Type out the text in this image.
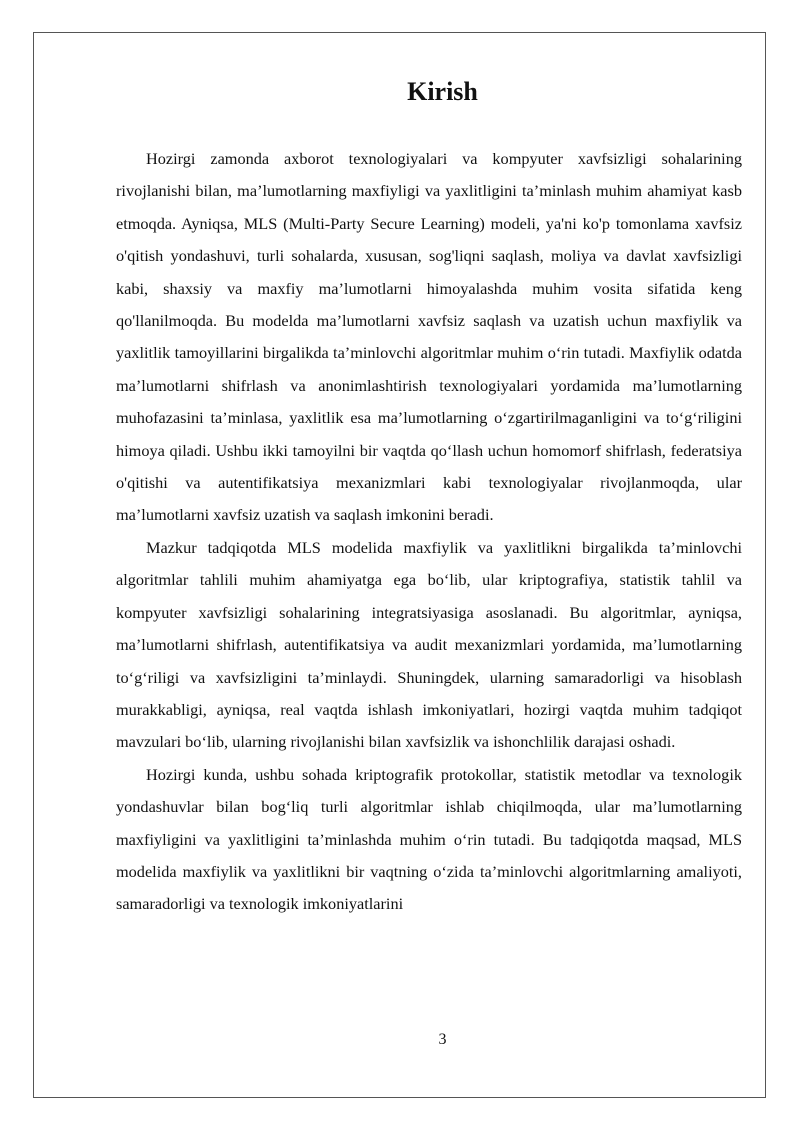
Kirish

Hozirgi zamonda axborot texnologiyalari va kompyuter xavfsizligi sohalarining rivojlanishi bilan, ma’lumotlarning maxfiyligi va yaxlitligini ta’minlash muhim ahamiyat kasb etmoqda. Ayniqsa, MLS (Multi-Party Secure Learning) modeli, ya'ni ko'p tomonlama xavfsiz o'qitish yondashuvi, turli sohalarda, xususan, sog'liqni saqlash, moliya va davlat xavfsizligi kabi, shaxsiy va maxfiy ma’lumotlarni himoyalashda muhim vosita sifatida keng qo'llanilmoqda. Bu modelda ma’lumotlarni xavfsiz saqlash va uzatish uchun maxfiylik va yaxlitlik tamoyillarini birgalikda ta’minlovchi algoritmlar muhim o‘rin tutadi. Maxfiylik odatda ma’lumotlarni shifrlash va anonimlashtirish texnologiyalari yordamida ma’lumotlarning muhofazasini ta’minlasa, yaxlitlik esa ma’lumotlarning o‘zgartirilmaganligini va to‘g‘riligini himoya qiladi. Ushbu ikki tamoyilni bir vaqtda qo‘llash uchun homomorf shifrlash, federatsiya o'qitishi va autentifikatsiya mexanizmlari kabi texnologiyalar rivojlanmoqda, ular ma’lumotlarni xavfsiz uzatish va saqlash imkonini beradi.

Mazkur tadqiqotda MLS modelida maxfiylik va yaxlitlikni birgalikda ta’minlovchi algoritmlar tahlili muhim ahamiyatga ega bo‘lib, ular kriptografiya, statistik tahlil va kompyuter xavfsizligi sohalarining integratsiyasiga asoslanadi. Bu algoritmlar, ayniqsa, ma’lumotlarni shifrlash, autentifikatsiya va audit mexanizmlari yordamida, ma’lumotlarning to‘g‘riligi va xavfsizligini ta’minlaydi. Shuningdek, ularning samaradorligi va hisoblash murakkabligi, ayniqsa, real vaqtda ishlash imkoniyatlari, hozirgi vaqtda muhim tadqiqot mavzulari bo‘lib, ularning rivojlanishi bilan xavfsizlik va ishonchlilik darajasi oshadi.

Hozirgi kunda, ushbu sohada kriptografik protokollar, statistik metodlar va texnologik yondashuvlar bilan bog‘liq turli algoritmlar ishlab chiqilmoqda, ular ma’lumotlarning maxfiyligini va yaxlitligini ta’minlashda muhim o‘rin tutadi. Bu tadqiqotda maqsad, MLS modelida maxfiylik va yaxlitlikni bir vaqtning o‘zida ta’minlovchi algoritmlarning amaliyoti, samaradorligi va texnologik imkoniyatlarini

3
